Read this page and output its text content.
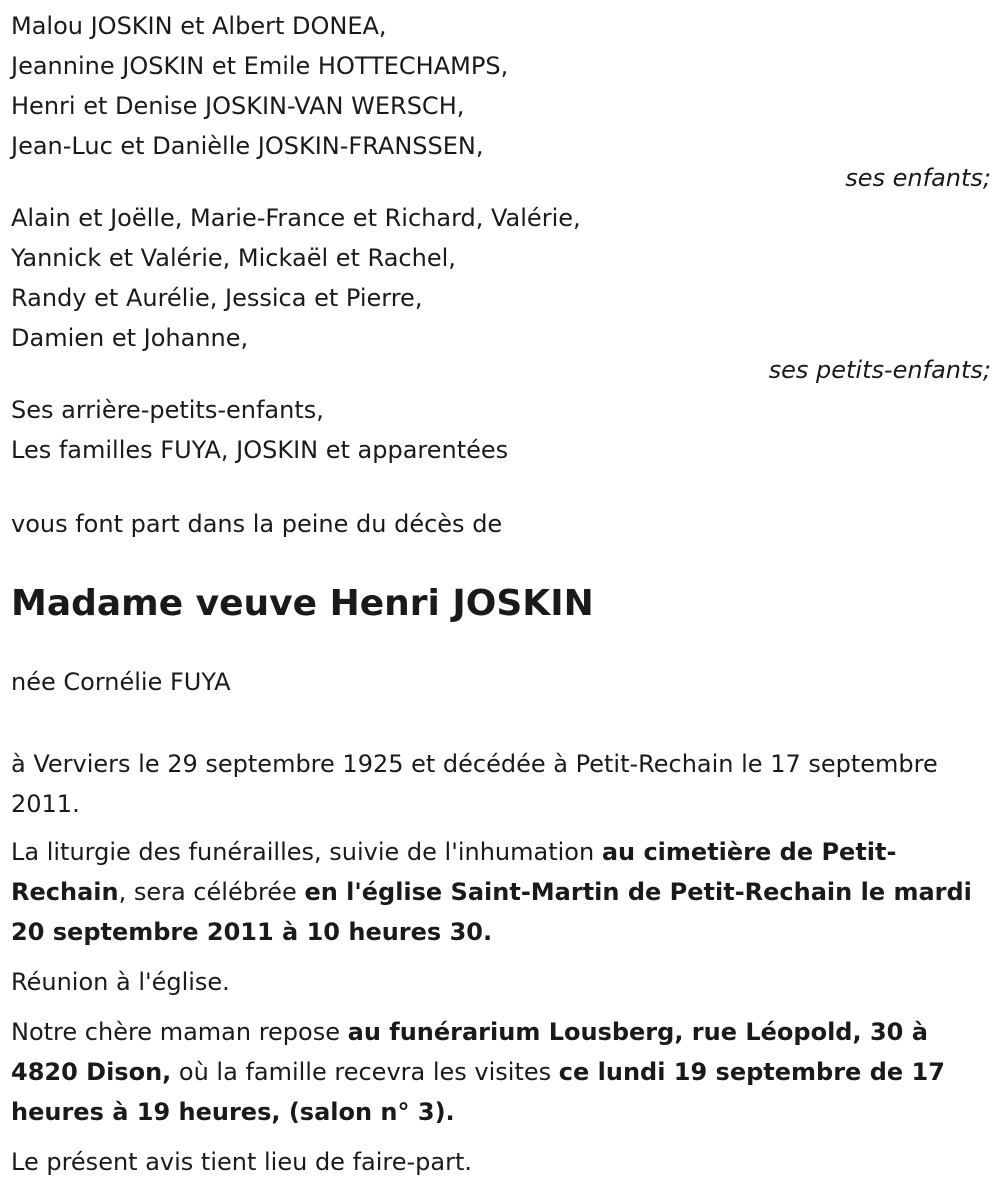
Malou JOSKIN et Albert DONEA,
Jeannine JOSKIN et Emile HOTTECHAMPS,
Henri et Denise JOSKIN-VAN WERSCH,
Jean-Luc et Danièlle JOSKIN-FRANSSEN,
ses enfants;
Alain et Joëlle, Marie-France et Richard, Valérie,
Yannick et Valérie, Mickaël et Rachel,
Randy et Aurélie, Jessica et Pierre,
Damien et Johanne,
ses petits-enfants;
Ses arrière-petits-enfants,
Les familles FUYA, JOSKIN et apparentées
vous font part dans la peine du décès de
Madame veuve Henri JOSKIN
née Cornélie FUYA
à Verviers le 29 septembre 1925 et décédée à Petit-Rechain le 17 septembre 2011.
La liturgie des funérailles, suivie de l'inhumation au cimetière de Petit-Rechain, sera célébrée en l'église Saint-Martin de Petit-Rechain le mardi 20 septembre 2011 à 10 heures 30.
Réunion à l'église.
Notre chère maman repose au funérarium Lousberg, rue Léopold, 30 à 4820 Dison, où la famille recevra les visites ce lundi 19 septembre de 17 heures à 19 heures, (salon n° 3).
Le présent avis tient lieu de faire-part.
